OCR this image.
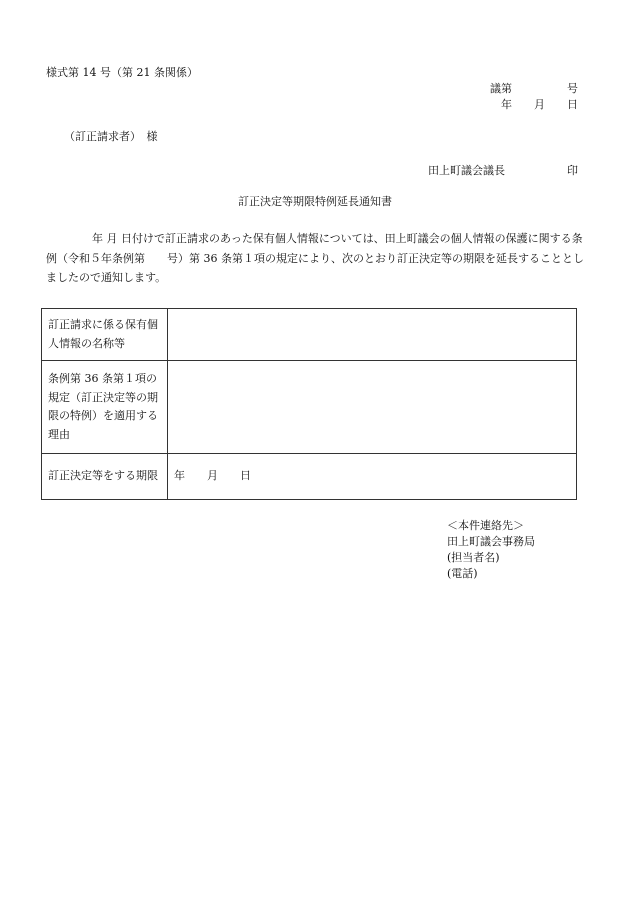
様式第 14 号（第 21 条関係）
議第　　　　　号
年　　月　　日
（訂正請求者）　様
田上町議会議長	印
訂正決定等期限特例延長通知書
年 月 日付けで訂正請求のあった保有個人情報については、田上町議会の個人情報の保護に関する条例（令和５年条例第　　号）第 36 条第１項の規定により、次のとおり訂正決定等の期限を延長することとしましたので通知します。
訂正請求に係る保有個人情報の名称等	
条例第 36 条第１項の規定（訂正決定等の期限の特例）を適用する理由	
訂正決定等をする期限	年　　月　　日
＜本件連絡先＞
田上町議会事務局
(担当者名)
(電話)
